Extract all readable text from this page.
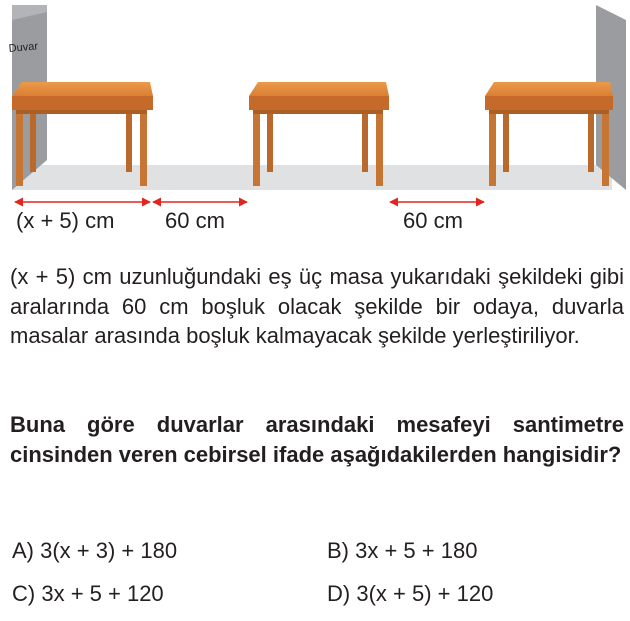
Duvar
(x + 5) cm 60 cm	60 cm

(x + 5) cm uzunluğundaki eş üç masa yukarıdaki şekildeki gibi aralarında 60 cm boşluk olacak şekilde bir odaya, duvarla masalar arasında boşluk kalmayacak şekilde yerleştiriliyor.

Buna göre duvarlar arasındaki mesafeyi santimetre cinsinden veren cebirsel ifade aşağıdakilerden hangisidir?

A) 3(x + 3) + 180	B) 3x + 5 + 180
C) 3x + 5 + 120	D) 3(x + 5) + 120
